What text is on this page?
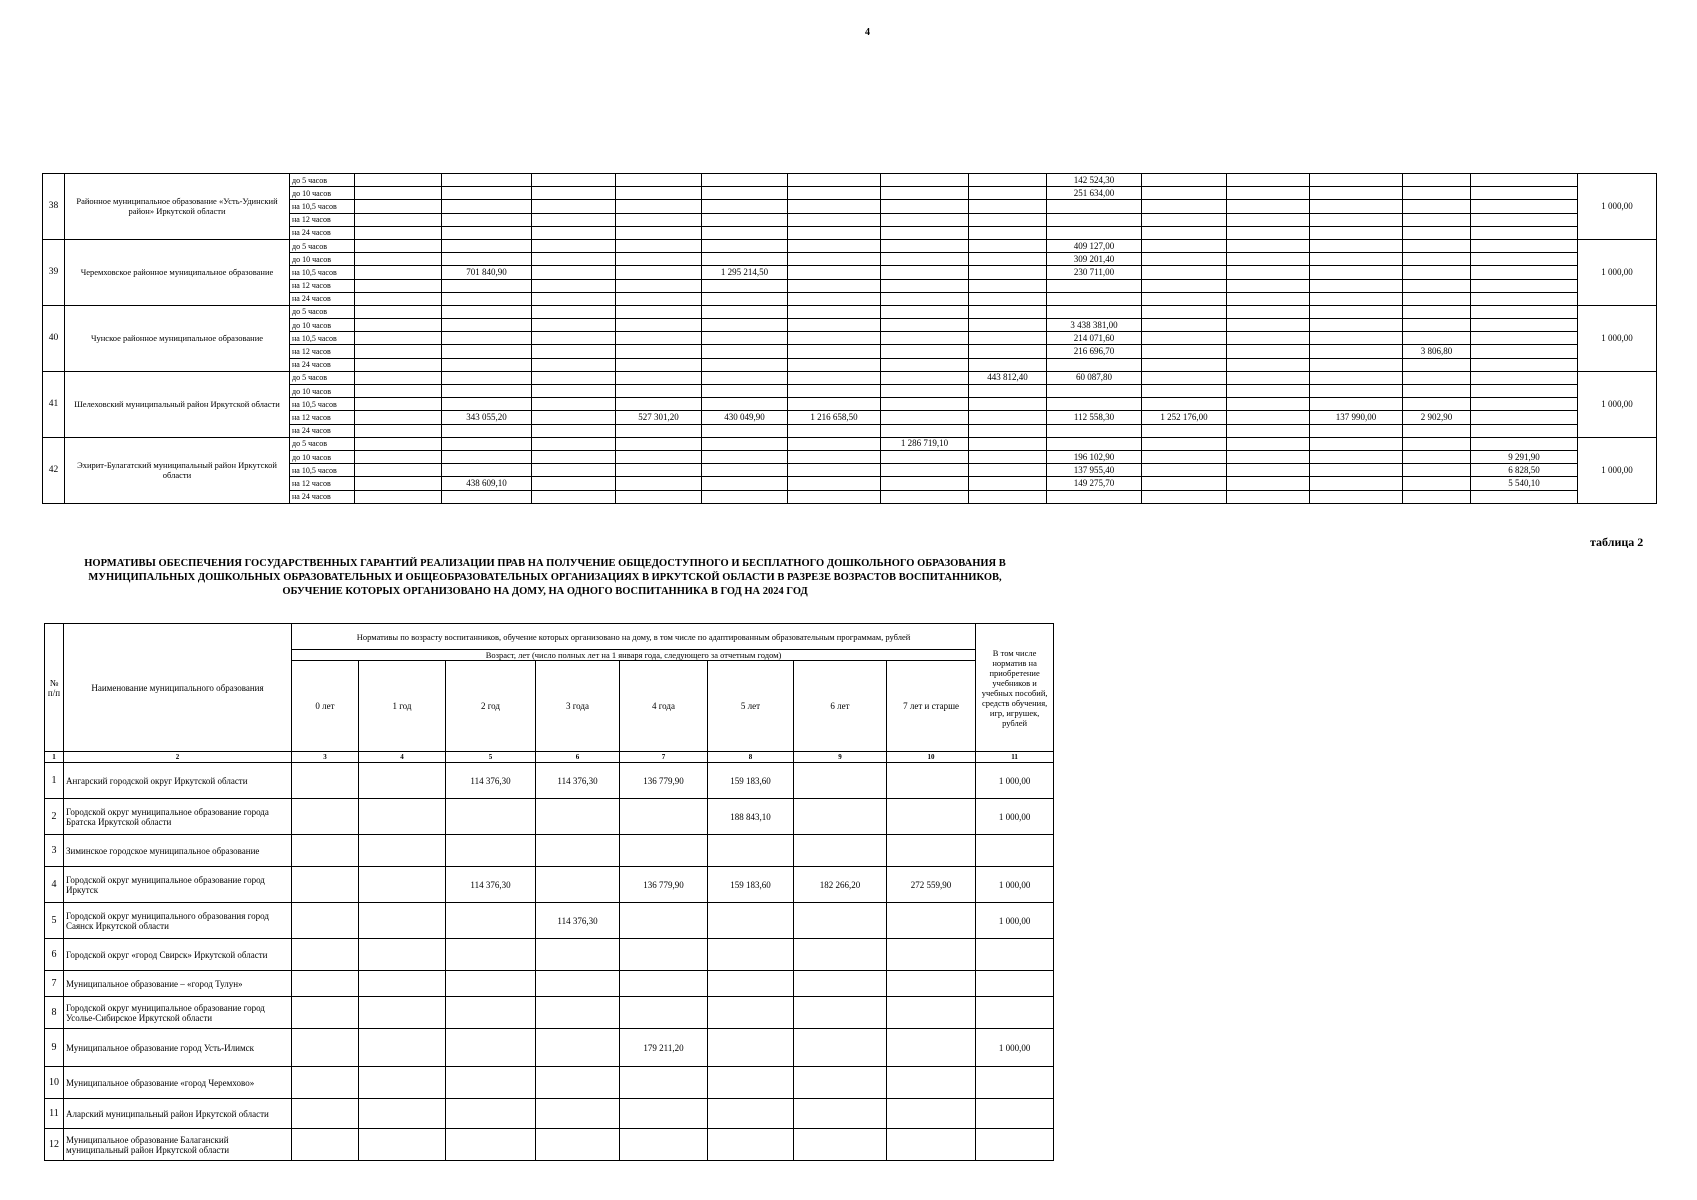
4
38	Районное муниципальное образование «Усть-Удинский район» Иркутской области	до 5 часов									142 524,30						1 000,00
		до 10 часов									251 634,00						
		на 10,5 часов															
		на 12 часов															
		на 24 часов															
39	Черемховское районное муниципальное образование	до 5 часов									409 127,00						1 000,00
		до 10 часов									309 201,40						
		на 10,5 часов		701 840,90			1 295 214,50				230 711,00						
		на 12 часов															
		на 24 часов															
40	Чунское районное муниципальное образование	до 5 часов															1 000,00
		до 10 часов									3 438 381,00						
		на 10,5 часов									214 071,60						
		на 12 часов									216 696,70				3 806,80		
		на 24 часов															
41	Шелеховский муниципальный район Иркутской области	до 5 часов								443 812,40	60 087,80						1 000,00
		до 10 часов															
		на 10,5 часов															
		на 12 часов		343 055,20		527 301,20	430 049,90	1 216 658,50			112 558,30	1 252 176,00		137 990,00	2 902,90		
		на 24 часов															
42	Эхирит-Булагатский муниципальный район Иркутской области	до 5 часов							1 286 719,10								1 000,00
		до 10 часов									196 102,90					9 291,90	
		на 10,5 часов									137 955,40					6 828,50	
		на 12 часов		438 609,10							149 275,70					5 540,10	
		на 24 часов															
таблица 2
НОРМАТИВЫ ОБЕСПЕЧЕНИЯ ГОСУДАРСТВЕННЫХ ГАРАНТИЙ РЕАЛИЗАЦИИ ПРАВ НА ПОЛУЧЕНИЕ ОБЩЕДОСТУПНОГО И БЕСПЛАТНОГО ДОШКОЛЬНОГО ОБРАЗОВАНИЯ В
МУНИЦИПАЛЬНЫХ ДОШКОЛЬНЫХ ОБРАЗОВАТЕЛЬНЫХ И ОБЩЕОБРАЗОВАТЕЛЬНЫХ ОРГАНИЗАЦИЯХ В ИРКУТСКОЙ ОБЛАСТИ В РАЗРЕЗЕ ВОЗРАСТОВ ВОСПИТАННИКОВ,
ОБУЧЕНИЕ КОТОРЫХ ОРГАНИЗОВАНО НА ДОМУ, НА ОДНОГО ВОСПИТАННИКА В ГОД НА 2024 ГОД
№ п/п	Наименование муниципального образования	Нормативы по возрасту воспитанников, обучение которых организовано на дому, в том числе по адаптированным образовательным программам, рублей								В том числе норматив на приобретение учебников и учебных пособий, средств обучения, игр, игрушек, рублей
		Возраст, лет (число полных лет на 1 января года, следующего за отчетным годом)								
		0 лет	1 год	2 год	3 года	4 года	5 лет	6 лет	7 лет и старше	
1	2	3	4	5	6	7	8	9	10	11
1	Ангарский городской округ Иркутской области			114 376,30	114 376,30	136 779,90	159 183,60			1 000,00
2	Городской округ муниципальное образование города Братска Иркутской области						188 843,10			1 000,00
3	Зиминское городское муниципальное образование									
4	Городской округ муниципальное образование город Иркутск			114 376,30		136 779,90	159 183,60	182 266,20	272 559,90	1 000,00
5	Городской округ муниципального образования город Саянск Иркутской области				114 376,30					1 000,00
6	Городской округ «город Свирск» Иркутской области									
7	Муниципальное образование – «город Тулун»									
8	Городской округ муниципальное образование город Усолье-Сибирское Иркутской области									
9	Муниципальное образование город Усть-Илимск					179 211,20				1 000,00
10	Муниципальное образование «город Черемхово»									
11	Аларский муниципальный район Иркутской области									
12	Муниципальное образование Балаганский муниципальный район Иркутской области									
